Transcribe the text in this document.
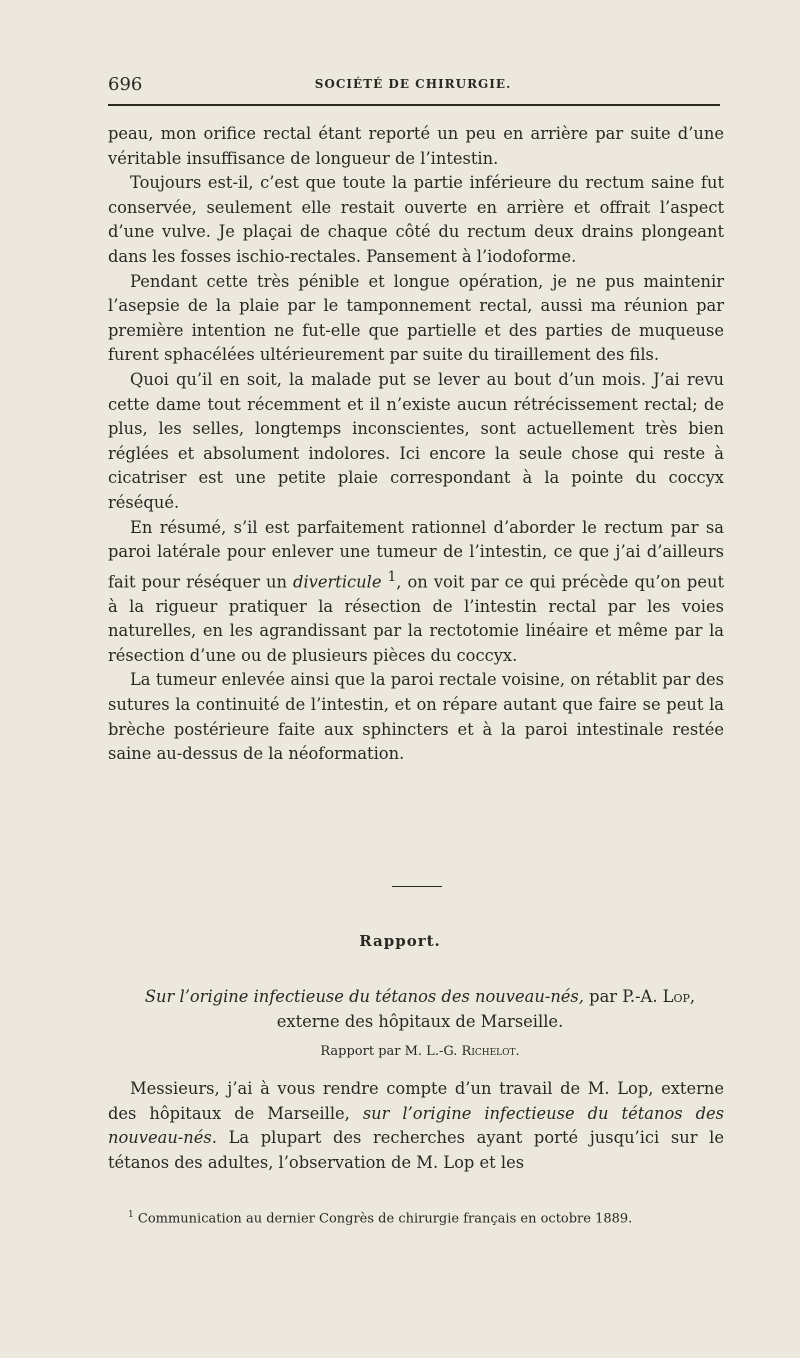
696	SOCIÉTÉ DE CHIRURGIE.

peau, mon orifice rectal étant reporté un peu en arrière par suite d’une véritable insuffisance de longueur de l’intestin.

Toujours est-il, c’est que toute la partie inférieure du rectum saine fut conservée, seulement elle restait ouverte en arrière et offrait l’aspect d’une vulve. Je plaçai de chaque côté du rectum deux drains plongeant dans les fosses ischio-rectales. Pansement à l’iodoforme.

Pendant cette très pénible et longue opération, je ne pus maintenir l’asepsie de la plaie par le tamponnement rectal, aussi ma réunion par première intention ne fut-elle que partielle et des parties de muqueuse furent sphacélées ultérieurement par suite du tiraillement des fils.

Quoi qu’il en soit, la malade put se lever au bout d’un mois. J’ai revu cette dame tout récemment et il n’existe aucun rétrécissement rectal; de plus, les selles, longtemps inconscientes, sont actuellement très bien réglées et absolument indolores. Ici encore la seule chose qui reste à cicatriser est une petite plaie correspondant à la pointe du coccyx réséqué.

En résumé, s’il est parfaitement rationnel d’aborder le rectum par sa paroi latérale pour enlever une tumeur de l’intestin, ce que j’ai d’ailleurs fait pour réséquer un diverticule $^1$, on voit par ce qui précède qu’on peut à la rigueur pratiquer la résection de l’intestin rectal par les voies naturelles, en les agrandissant par la rectotomie linéaire et même par la résection d’une ou de plusieurs pièces du coccyx.

La tumeur enlevée ainsi que la paroi rectale voisine, on rétablit par des sutures la continuité de l’intestin, et on répare autant que faire se peut la brèche postérieure faite aux sphincters et à la paroi intestinale restée saine au-dessus de la néoformation.

Rapport.
Sur l’origine infectieuse du tétanos des nouveau-nés, par P.-A. Lop, externe des hôpitaux de Marseille.
Rapport par M. L.-G. Richelot.
Messieurs, j’ai à vous rendre compte d’un travail de M. Lop, externe des hôpitaux de Marseille, sur l’origine infectieuse du tétanos des nouveau-nés. La plupart des recherches ayant porté jusqu’ici sur le tétanos des adultes, l’observation de M. Lop et les
$^1$ Communication au dernier Congrès de chirurgie français en octobre 1889.
